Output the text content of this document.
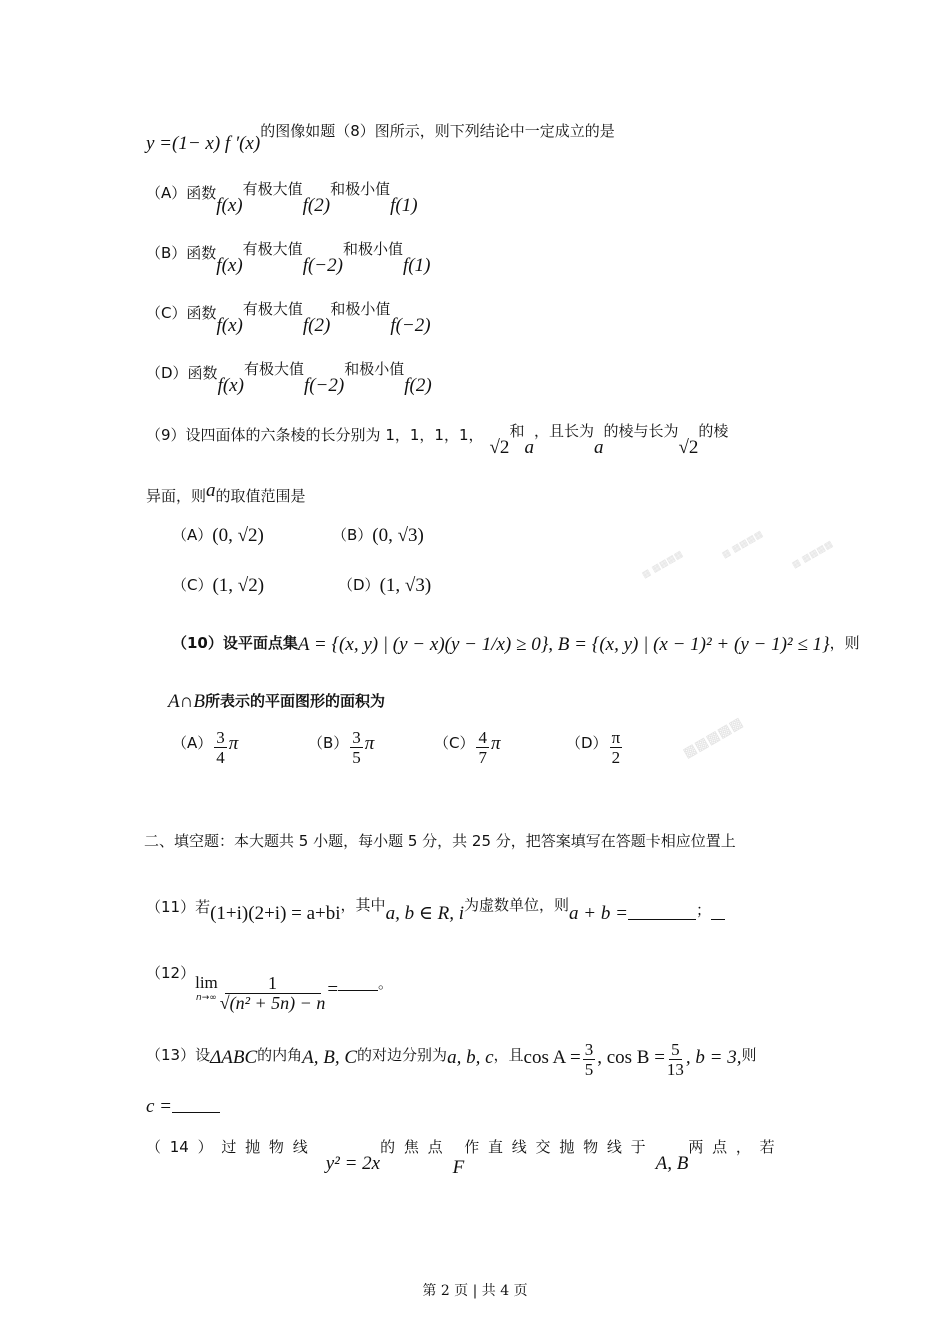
y =(1− x) f ′(x)
的图像如题（8）图所示，则下列结论中一定成立的是
（A）函数
f(x)
有极大值
f(2)
和极小值
f(1)
（B）函数
f(x)
有极大值
f(−2)
和极小值
f(1)
（C）函数
f(x)
有极大值
f(2)
和极小值
f(−2)
（D）函数
f(x)
有极大值
f(−2)
和极小值
f(2)
（9）设四面体的六条棱的长分别为 1，1，1，1，
√2
和
a
，且长为
a
的棱与长为
√2
的棱
异面，则 a 的取值范围是
（A） (0, √2)	（B） (0, √3)
（C） (1, √2)	（D） (1, √3)
（10）设平面点集 A = {(x, y) | (y − x)(y − 1/x) ≥ 0} , B = {(x, y) | (x − 1)² + (y − 1)² ≤ 1} ，则
A∩B 所表示的平面图形的面积为
$(A) \frac{3}{4}$ π	$(B) \frac{3}{5}$ π	$(C) \frac{4}{7}$ π	$(D) \frac{\pi}{2}$
二、填空题：本大题共 5 小题，每小题 5 分，共 25 分，把答案填写在答题卡相应位置上
（11）若 (1+i)(2+i) = a+bi ，其中 a, b ∈ R, i 为虚数单位，则 a + b =	；
（12） lim
$n\to\infty \frac{1}{\text{√(n² + 5n) − n}}$ =	。
（13）设 ΔABC 的内角 A, B, C 的对边分别为 a, b, c ，且 $\cos A = \frac{3}{5}$ , $\cos B = \frac{5}{13}$ , b = 3, 则
c =
（ 14 ） 过 抛 物 线
y² = 2x
的 焦 点
F
作 直 线 交 抛 物 线 于
A, B
两 点 ， 若
▩ ▩▩▩▩
▩ ▩▩▩▩	▩ ▩▩▩▩
▩▩▩▩▩
第 2 页 | 共 4 页
